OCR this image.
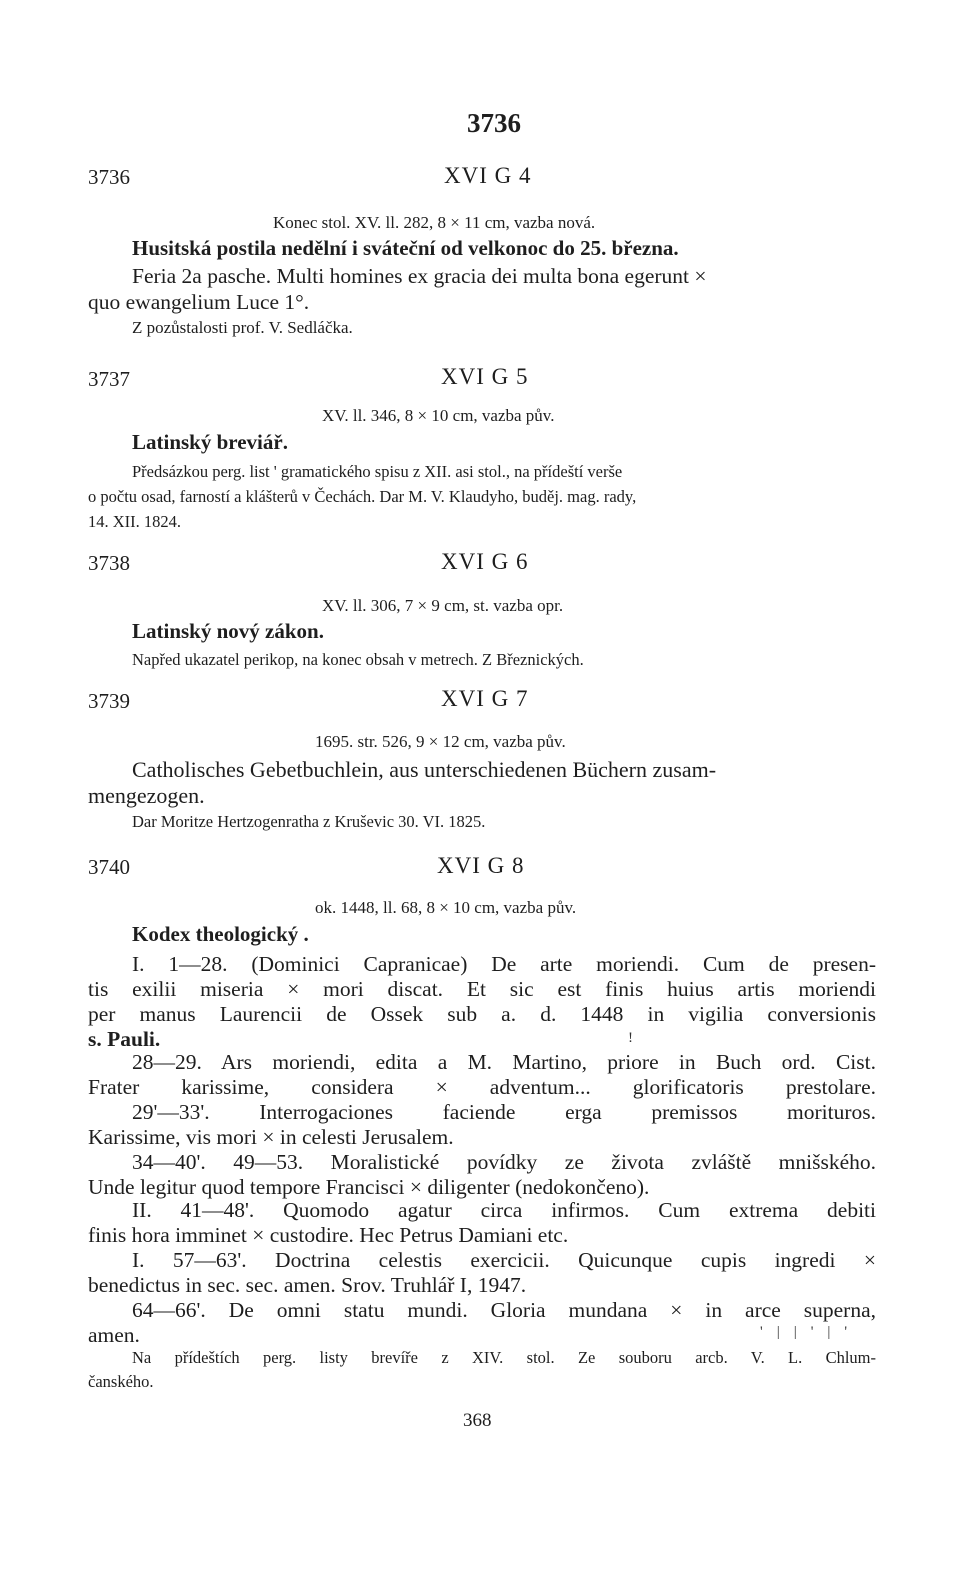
3736
3736	XVI G 4
Konec stol. XV. ll. 282, 8 × 11 cm, vazba nová.
Husitská postila nedělní i sváteční od velkonoc do 25. března.
Feria 2a pasche. Multi homines ex gracia dei multa bona egerunt ×
quo ewangelium Luce 1°.
Z pozůstalosti prof. V. Sedláčka.
3737	XVI G 5
XV. ll. 346, 8 × 10 cm, vazba pův.
Latinský breviář.
Předsázkou perg. list ' gramatického spisu z XII. asi stol., na přídeští verše
o počtu osad, farností a klášterů v Čechách. Dar M. V. Klaudyho, buděj. mag. rady,
14. XII. 1824.
3738	XVI G 6
XV. ll. 306, 7 × 9 cm, st. vazba opr.
Latinský nový zákon.
Napřed ukazatel perikop, na konec obsah v metrech. Z Březnických.
3739	XVI G 7
1695. str. 526, 9 × 12 cm, vazba pův.
Catholisches Gebetbuchlein, aus unterschiedenen Büchern zusam-
mengezogen.
Dar Moritze Hertzogenratha z Kruševic 30. VI. 1825.
3740	XVI G 8
ok. 1448, ll. 68, 8 × 10 cm, vazba pův.
Kodex theologický .
I. 1—28. (Dominici Capranicae) De arte moriendi. Cum de presen-
tis exilii miseria × mori discat. Et sic est finis huius artis moriendi
per manus Laurencii de Ossek sub a. d. 1448 in vigilia conversionis
s. Pauli.	!
28—29. Ars moriendi, edita a M. Martino, priore in Buch ord. Cist.
Frater karissime, considera × adventum... glorificatoris prestolare.
29'—33'. Interrogaciones faciende erga premissos morituros.
Karissime, vis mori × in celesti Jerusalem.
34—40'. 49—53. Moralistické povídky ze života zvláště mnišského.
Unde legitur quod tempore Francisci × diligenter (nedokončeno).
II. 41—48'. Quomodo agatur circa infirmos. Cum extrema debiti
finis hora imminet × custodire. Hec Petrus Damiani etc.
I. 57—63'. Doctrina celestis exercicii. Quicunque cupis ingredi ×
benedictus in sec. sec. amen. Srov. Truhlář I, 1947.
64—66'. De omni statu mundi. Gloria mundana × in arce superna,
amen.	'||'|'
Na přídeštích perg. listy brevíře z XIV. stol. Ze souboru arcb. V. L. Chlum-
čanského.
368
